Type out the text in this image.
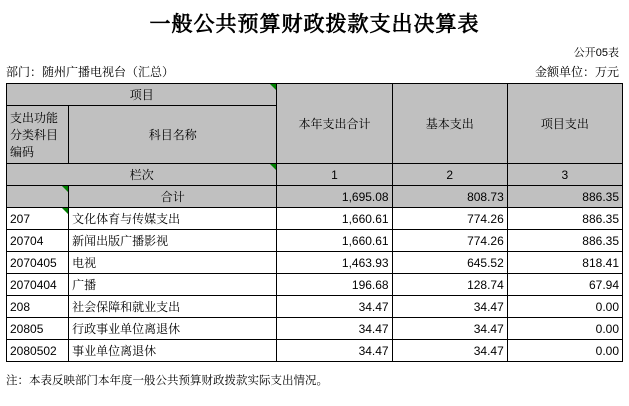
一般公共预算财政拨款支出决算表
公开05表
部门：随州广播电视台（汇总）	金额单位：万元
项目		本年支出合计	基本支出	项目支出

支出功能分类科目编码	科目名称			
栏次		1	2	3
	合计	1,695.08	808.73	886.35
207	文化体育与传媒支出	1,660.61	774.26	886.35
20704	新闻出版广播影视	1,660.61	774.26	886.35
2070405	电视	1,463.93	645.52	818.41
2070404	广播	196.68	128.74	67.94
208	社会保障和就业支出	34.47	34.47	0.00
20805	行政事业单位离退休	34.47	34.47	0.00
2080502	事业单位离退休	34.47	34.47	0.00
注：本表反映部门本年度一般公共预算财政拨款实际支出情况。
